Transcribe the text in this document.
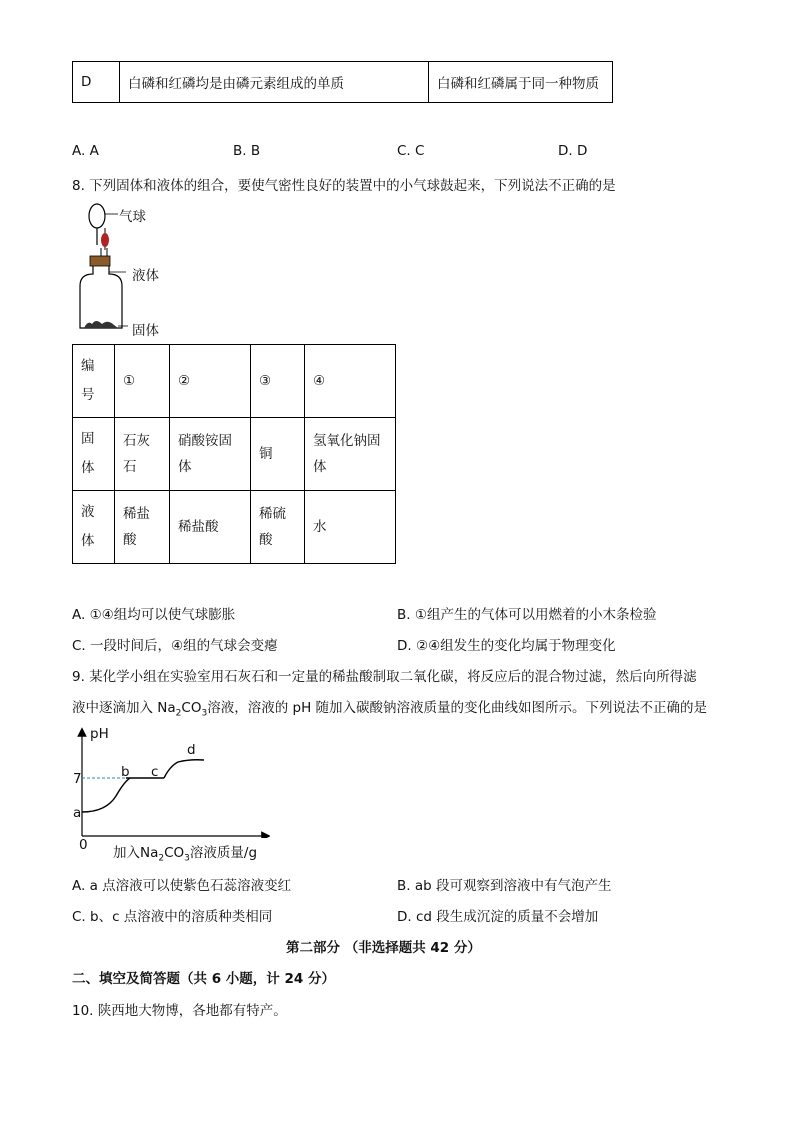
D	白磷和红磷均是由磷元素组成的单质	白磷和红磷属于同一种物质
A. A	B. B	C. C	D. D
8. 下列固体和液体的组合，要使气密性良好的装置中的小气球鼓起来，下列说法不正确的是
气球
液体
固体
编号	①	②	③	④

固体	石灰石	硝酸铵固体	铜	氢氧化钠固体

液体	稀盐酸	稀盐酸	稀硫酸	水
A. ①④组均可以使气球膨胀	B. ①组产生的气体可以用燃着的小木条检验
C. 一段时间后，④组的气球会变瘪	D. ②④组发生的变化均属于物理变化
9. 某化学小组在实验室用石灰石和一定量的稀盐酸制取二氧化碳，将反应后的混合物过滤，然后向所得滤
液中逐滴加入 $Na_2CO_3$溶液，溶液的 pH 随加入碳酸钠溶液质量的变化曲线如图所示。下列说法不正确的是
pH
7
a
b c
d
0 加入$Na_2CO_3$溶液质量/g
A. a 点溶液可以使紫色石蕊溶液变红	B. ab 段可观察到溶液中有气泡产生
C. b、c 点溶液中的溶质种类相同	D. cd 段生成沉淀的质量不会增加
第二部分 （非选择题共 42 分）
二、填空及简答题（共 6 小题，计 24 分）
10. 陕西地大物博，各地都有特产。
